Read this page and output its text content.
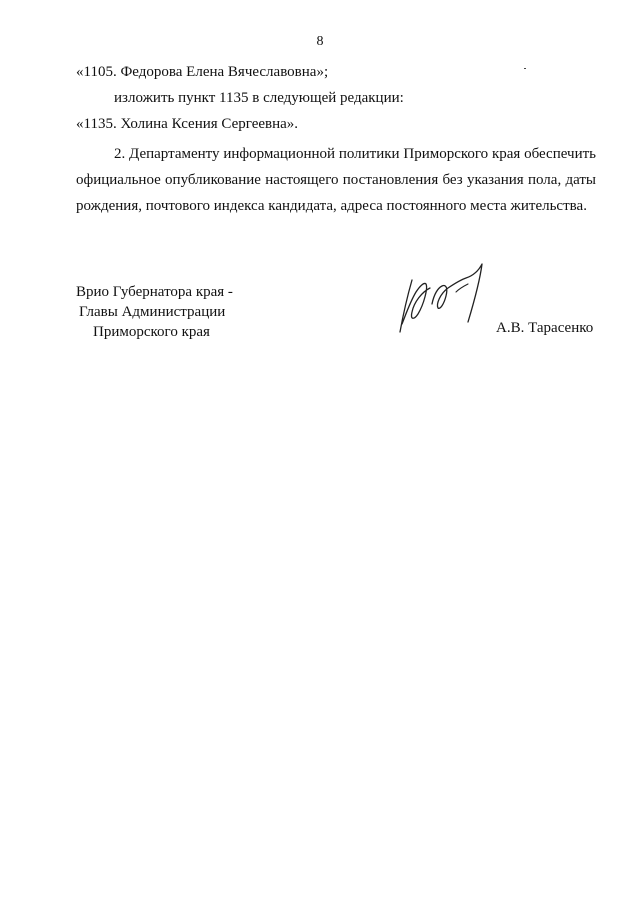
8
«1105. Федорова Елена Вячеславовна»;
изложить пункт 1135 в следующей редакции:
«1135. Холина Ксения Сергеевна».
2. Департаменту информационной политики Приморского края обеспечить официальное опубликование настоящего постановления без указания пола, даты рождения, почтового индекса кандидата, адреса постоянного места жительства.
Врио Губернатора края -
Главы Администрации
Приморского края	А.В. Тарасенко
